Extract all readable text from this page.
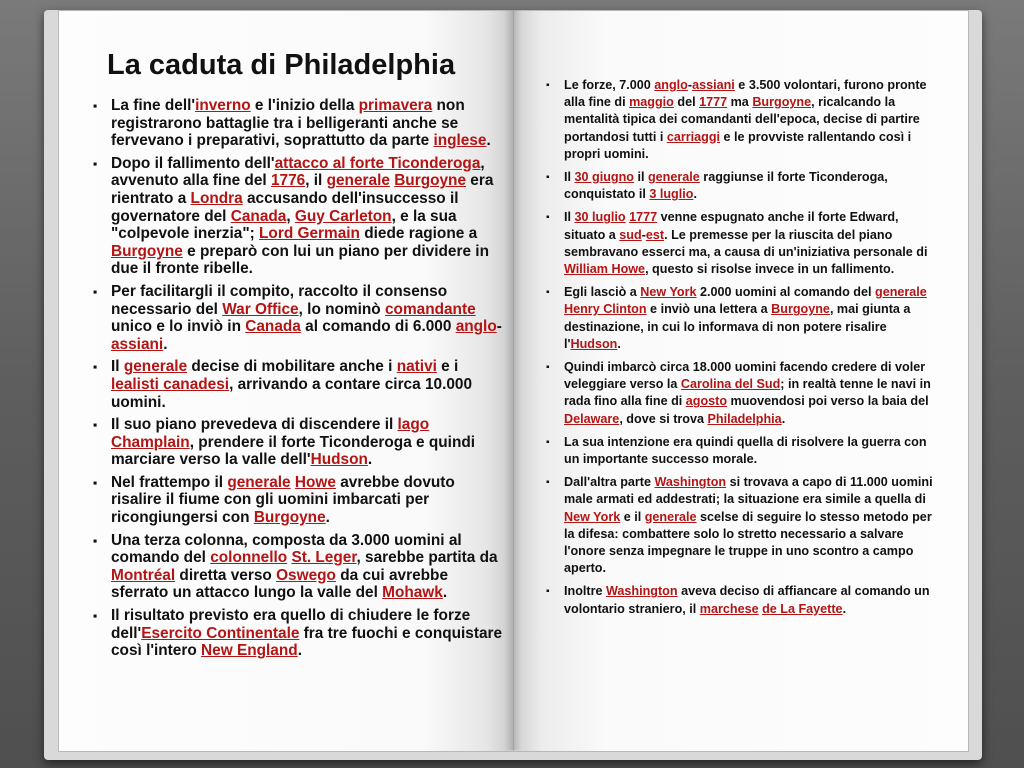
La caduta di Philadelphia
▪ La fine dell'inverno e l'inizio della primavera non registrarono battaglie tra i belligeranti anche se fervevano i preparativi, soprattutto da parte inglese.
▪ Dopo il fallimento dell'attacco al forte Ticonderoga, avvenuto alla fine del 1776, il generale Burgoyne era rientrato a Londra accusando dell'insuccesso il governatore del Canada, Guy Carleton, e la sua "colpevole inerzia"; Lord Germain diede ragione a Burgoyne e preparò con lui un piano per dividere in due il fronte ribelle.
▪ Per facilitargli il compito, raccolto il consenso necessario del War Office, lo nominò comandante unico e lo inviò in Canada al comando di 6.000 anglo-assiani.
▪ Il generale decise di mobilitare anche i nativi e i lealisti canadesi, arrivando a contare circa 10.000 uomini.
▪ Il suo piano prevedeva di discendere il lago Champlain, prendere il forte Ticonderoga e quindi marciare verso la valle dell'Hudson.
▪ Nel frattempo il generale Howe avrebbe dovuto risalire il fiume con gli uomini imbarcati per ricongiungersi con Burgoyne.
▪ Una terza colonna, composta da 3.000 uomini al comando del colonnello St. Leger, sarebbe partita da Montréal diretta verso Oswego da cui avrebbe sferrato un attacco lungo la valle del Mohawk.
▪ Il risultato previsto era quello di chiudere le forze dell'Esercito Continentale fra tre fuochi e conquistare così l'intero New England.
▪ Le forze, 7.000 anglo-assiani e 3.500 volontari, furono pronte alla fine di maggio del 1777 ma Burgoyne, ricalcando la mentalità tipica dei comandanti dell'epoca, decise di partire portandosi tutti i carriaggi e le provviste rallentando così i propri uomini.
▪ Il 30 giugno il generale raggiunse il forte Ticonderoga, conquistato il 3 luglio.
▪ Il 30 luglio 1777 venne espugnato anche il forte Edward, situato a sud-est. Le premesse per la riuscita del piano sembravano esserci ma, a causa di un'iniziativa personale di William Howe, questo si risolse invece in un fallimento.
▪ Egli lasciò a New York 2.000 uomini al comando del generale Henry Clinton e inviò una lettera a Burgoyne, mai giunta a destinazione, in cui lo informava di non potere risalire l'Hudson.
▪ Quindi imbarcò circa 18.000 uomini facendo credere di voler veleggiare verso la Carolina del Sud; in realtà tenne le navi in rada fino alla fine di agosto muovendosi poi verso la baia del Delaware, dove si trova Philadelphia.
▪ La sua intenzione era quindi quella di risolvere la guerra con un importante successo morale.
▪ Dall'altra parte Washington si trovava a capo di 11.000 uomini male armati ed addestrati; la situazione era simile a quella di New York e il generale scelse di seguire lo stesso metodo per la difesa: combattere solo lo stretto necessario a salvare l'onore senza impegnare le truppe in uno scontro a campo aperto.
▪ Inoltre Washington aveva deciso di affiancare al comando un volontario straniero, il marchese de La Fayette.
